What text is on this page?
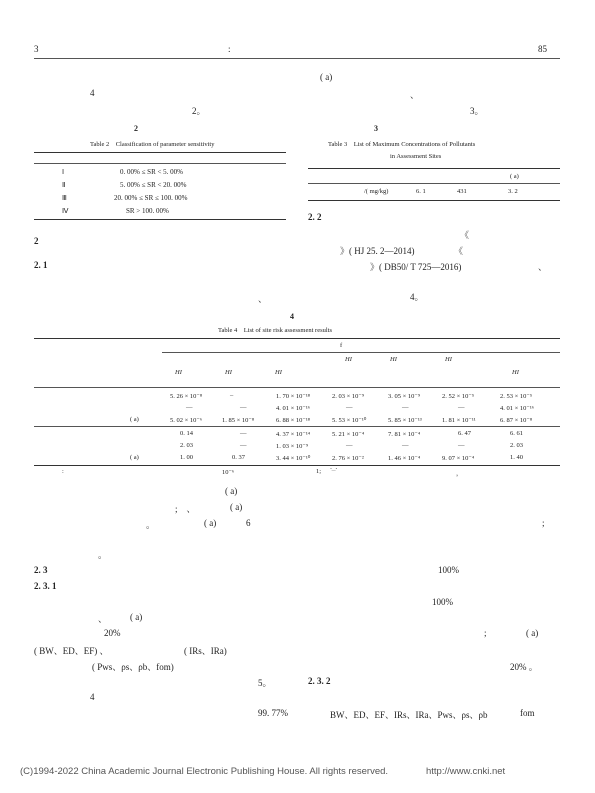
3	:	85
( a)
、
3。
4
2。
2
Table 2　Classification of parameter sensitivity
Ⅰ	0. 00% ≤ SR < 5. 00%
Ⅱ	5. 00% ≤ SR < 20. 00%
Ⅲ	20. 00% ≤ SR ≤ 100. 00%
Ⅳ	SR > 100. 00%
2
2. 1
3
Table 3　List of Maximum Concentrations of Pollutants
in Assessment Sites
( a)
/( mg/kg)	6. 1	431	3. 2
2. 2
《
》( HJ 25. 2—2014)	《
》( DB50/ T 725—2016)	、
、	4。
4
Table 4　List of site risk assessment results
f
HI	HI	HI
HI	HI	HI	HI
5. 26 × 10⁻⁸	–	1. 70 × 10⁻¹⁸	2. 03 × 10⁻⁹	3. 05 × 10⁻⁹	2. 52 × 10⁻⁵	2. 53 × 10⁻⁵
—	—	4. 01 × 10⁻¹⁶	—	—	—	4. 01 × 10⁻¹⁶
( a)	5. 02 × 10⁻⁶	1. 85 × 10⁻⁸	6. 88 × 10⁻¹⁸	5. 53 × 10⁻¹⁰	5. 85 × 10⁻¹³	1. 81 × 10⁻¹¹	6. 87 × 10⁻⁸
0. 14	—	4. 37 × 10⁻¹⁴	5. 21 × 10⁻⁴	7. 81 × 10⁻⁴	6. 47	6. 61
2. 03	—	1. 03 × 10⁻⁹	—	—	—	2. 03
( a)	1. 00	0. 37	3. 44 × 10⁻¹⁰	2. 76 × 10⁻²	1. 46 × 10⁻⁴	9. 07 × 10⁻⁴	1. 40
:	10⁻⁶	1; "—"
，
( a)
;　、	( a)
。	( a)	6	;
。
2. 3	100%
2. 3. 1
100%
、	( a)
20%	;	( a)
( BW、ED、EF) 、	( IRs、IRa)
( Pws、ρs、ρb、fom)	20% 。
5。	2. 3. 2
4
99. 77%	BW、ED、EF、IRs、IRa、Pws、ρs、ρb	fom
(C)1994-2022 China Academic Journal Electronic Publishing House. All rights reserved.	http://www.cnki.net
